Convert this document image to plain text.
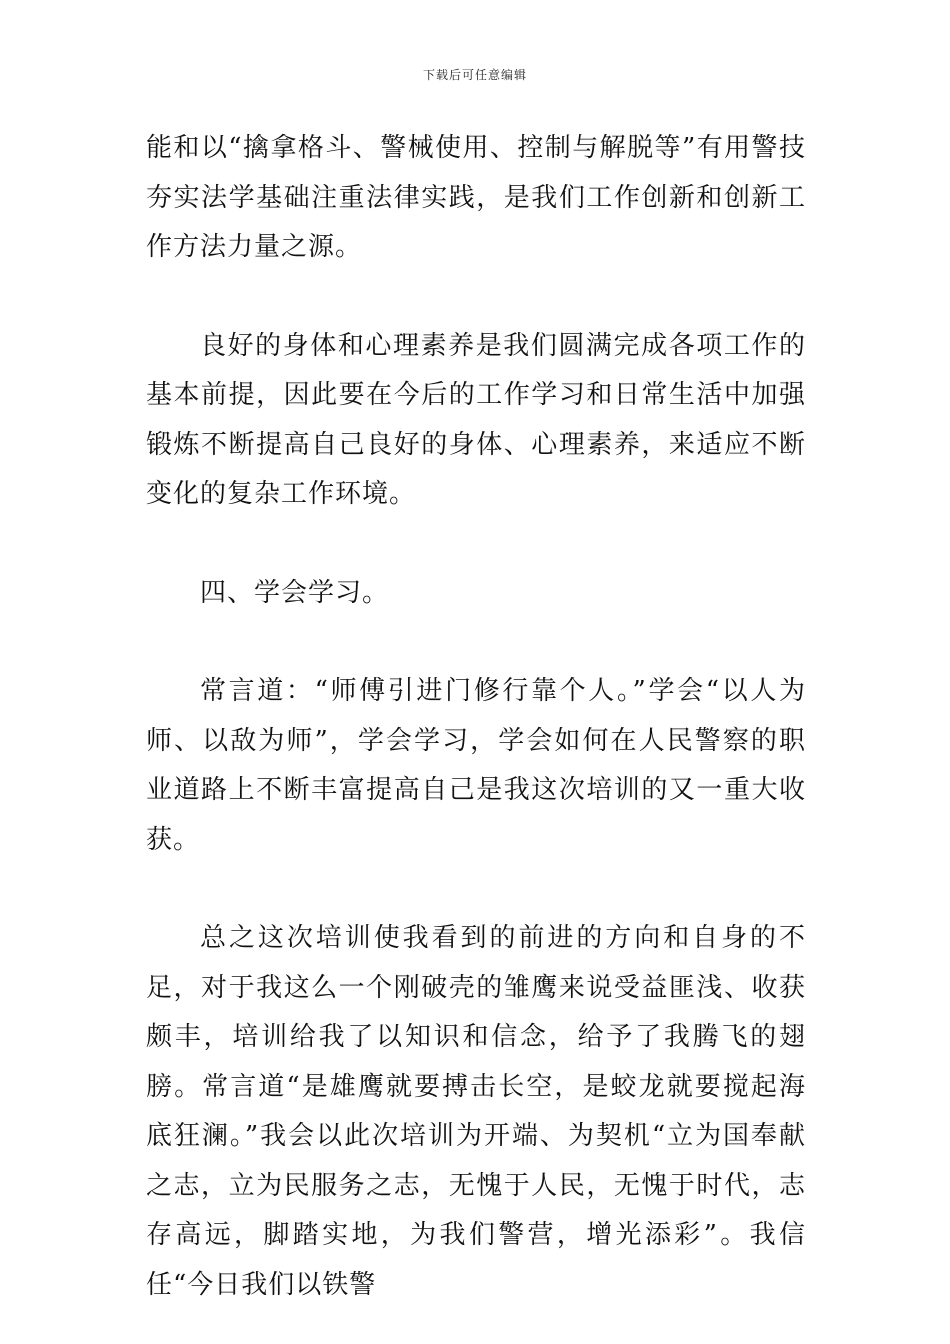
下载后可任意编辑

能和以“擒拿格斗、警械使用、控制与解脱等”有用警技夯实法学基础注重法律实践，是我们工作创新和创新工作方法力量之源。

良好的身体和心理素养是我们圆满完成各项工作的基本前提，因此要在今后的工作学习和日常生活中加强锻炼不断提高自己良好的身体、心理素养，来适应不断变化的复杂工作环境。

四、学会学习。

常言道：“师傅引进门修行靠个人。”学会“以人为师、以敌为师”，学会学习，学会如何在人民警察的职业道路上不断丰富提高自己是我这次培训的又一重大收获。

总之这次培训使我看到的前进的方向和自身的不足，对于我这么一个刚破壳的雏鹰来说受益匪浅、收获颇丰，培训给我了以知识和信念，给予了我腾飞的翅膀。常言道“是雄鹰就要搏击长空，是蛟龙就要搅起海底狂澜。”我会以此次培训为开端、为契机“立为国奉献之志，立为民服务之志，无愧于人民，无愧于时代，志存高远，脚踏实地，为我们警营，增光添彩”。我信任“今日我们以铁警
